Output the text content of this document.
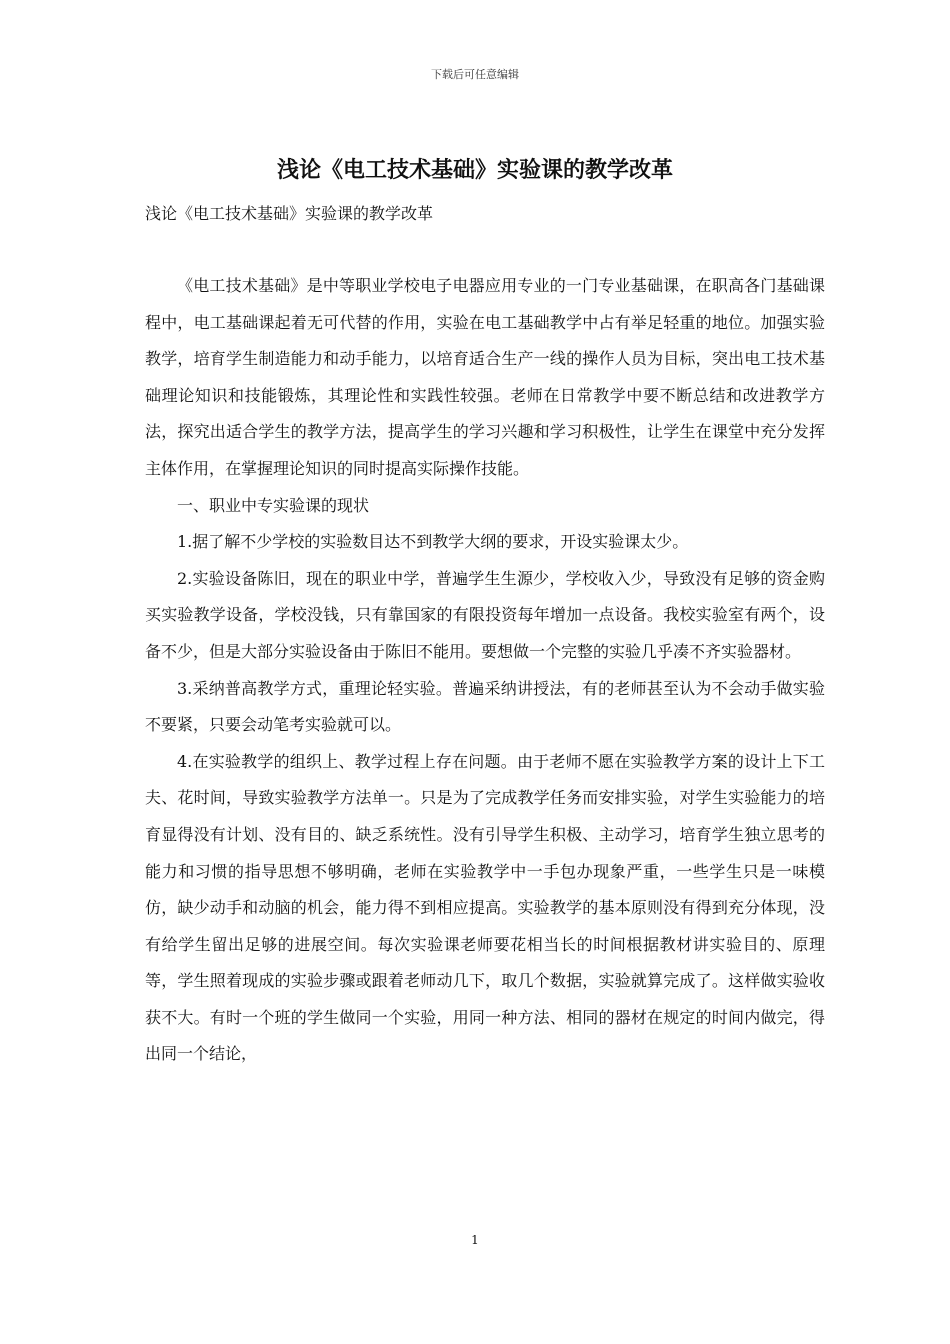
下载后可任意编辑
浅论《电工技术基础》实验课的教学改革
浅论《电工技术基础》实验课的教学改革

《电工技术基础》是中等职业学校电子电器应用专业的一门专业基础课，在职高各门基础课程中，电工基础课起着无可代替的作用，实验在电工基础教学中占有举足轻重的地位。加强实验教学，培育学生制造能力和动手能力，以培育适合生产一线的操作人员为目标，突出电工技术基础理论知识和技能锻炼，其理论性和实践性较强。老师在日常教学中要不断总结和改进教学方法，探究出适合学生的教学方法，提高学生的学习兴趣和学习积极性，让学生在课堂中充分发挥主体作用，在掌握理论知识的同时提高实际操作技能。

一、职业中专实验课的现状

1.据了解不少学校的实验数目达不到教学大纲的要求，开设实验课太少。

2.实验设备陈旧，现在的职业中学，普遍学生生源少，学校收入少，导致没有足够的资金购买实验教学设备，学校没钱，只有靠国家的有限投资每年增加一点设备。我校实验室有两个，设备不少，但是大部分实验设备由于陈旧不能用。要想做一个完整的实验几乎凑不齐实验器材。

3.采纳普高教学方式，重理论轻实验。普遍采纳讲授法，有的老师甚至认为不会动手做实验不要紧，只要会动笔考实验就可以。

4.在实验教学的组织上、教学过程上存在问题。由于老师不愿在实验教学方案的设计上下工夫、花时间，导致实验教学方法单一。只是为了完成教学任务而安排实验，对学生实验能力的培育显得没有计划、没有目的、缺乏系统性。没有引导学生积极、主动学习，培育学生独立思考的能力和习惯的指导思想不够明确，老师在实验教学中一手包办现象严重，一些学生只是一味模仿，缺少动手和动脑的机会，能力得不到相应提高。实验教学的基本原则没有得到充分体现，没有给学生留出足够的进展空间。每次实验课老师要花相当长的时间根据教材讲实验目的、原理等，学生照着现成的实验步骤或跟着老师动几下，取几个数据，实验就算完成了。这样做实验收获不大。有时一个班的学生做同一个实验，用同一种方法、相同的器材在规定的时间内做完，得出同一个结论，

1
